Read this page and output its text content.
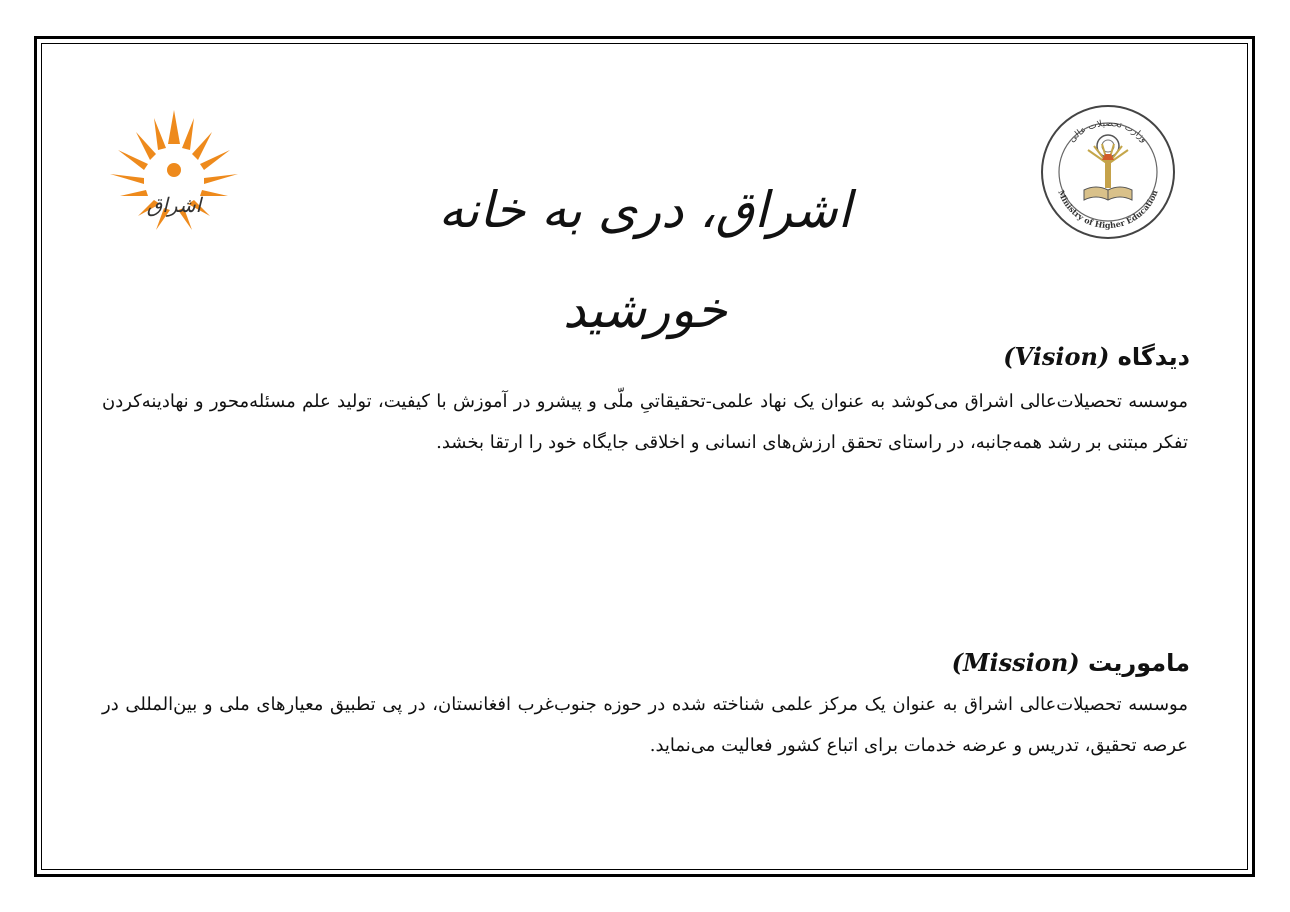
وزارت تحصیلات عالی
Ministry of Higher Education
اشراق	اشراق، دری به خانه خورشید
دیدگاه (Vision)
موسسه تحصیلات‌عالی اشراق می‌کوشد به عنوان یک نهاد علمی-تحقیقاتیِ ملّی و پیشرو در آموزش با کیفیت، تولید علم مسئله‌محور و نهادینه‌کردن تفکر مبتنی بر رشد همه‌جانبه، در راستای تحقق ارزش‌های انسانی و اخلاقی جایگاه خود را ارتقا بخشد.
ماموریت (Mission)
موسسه تحصیلات‌عالی اشراق به عنوان یک مرکز علمی شناخته شده در حوزه جنوب‌غرب افغانستان، در پی تطبیق معیارهای ملی و بین‌المللی در عرصه تحقیق، تدریس و عرضه خدمات برای اتباع کشور فعالیت می‌نماید.
